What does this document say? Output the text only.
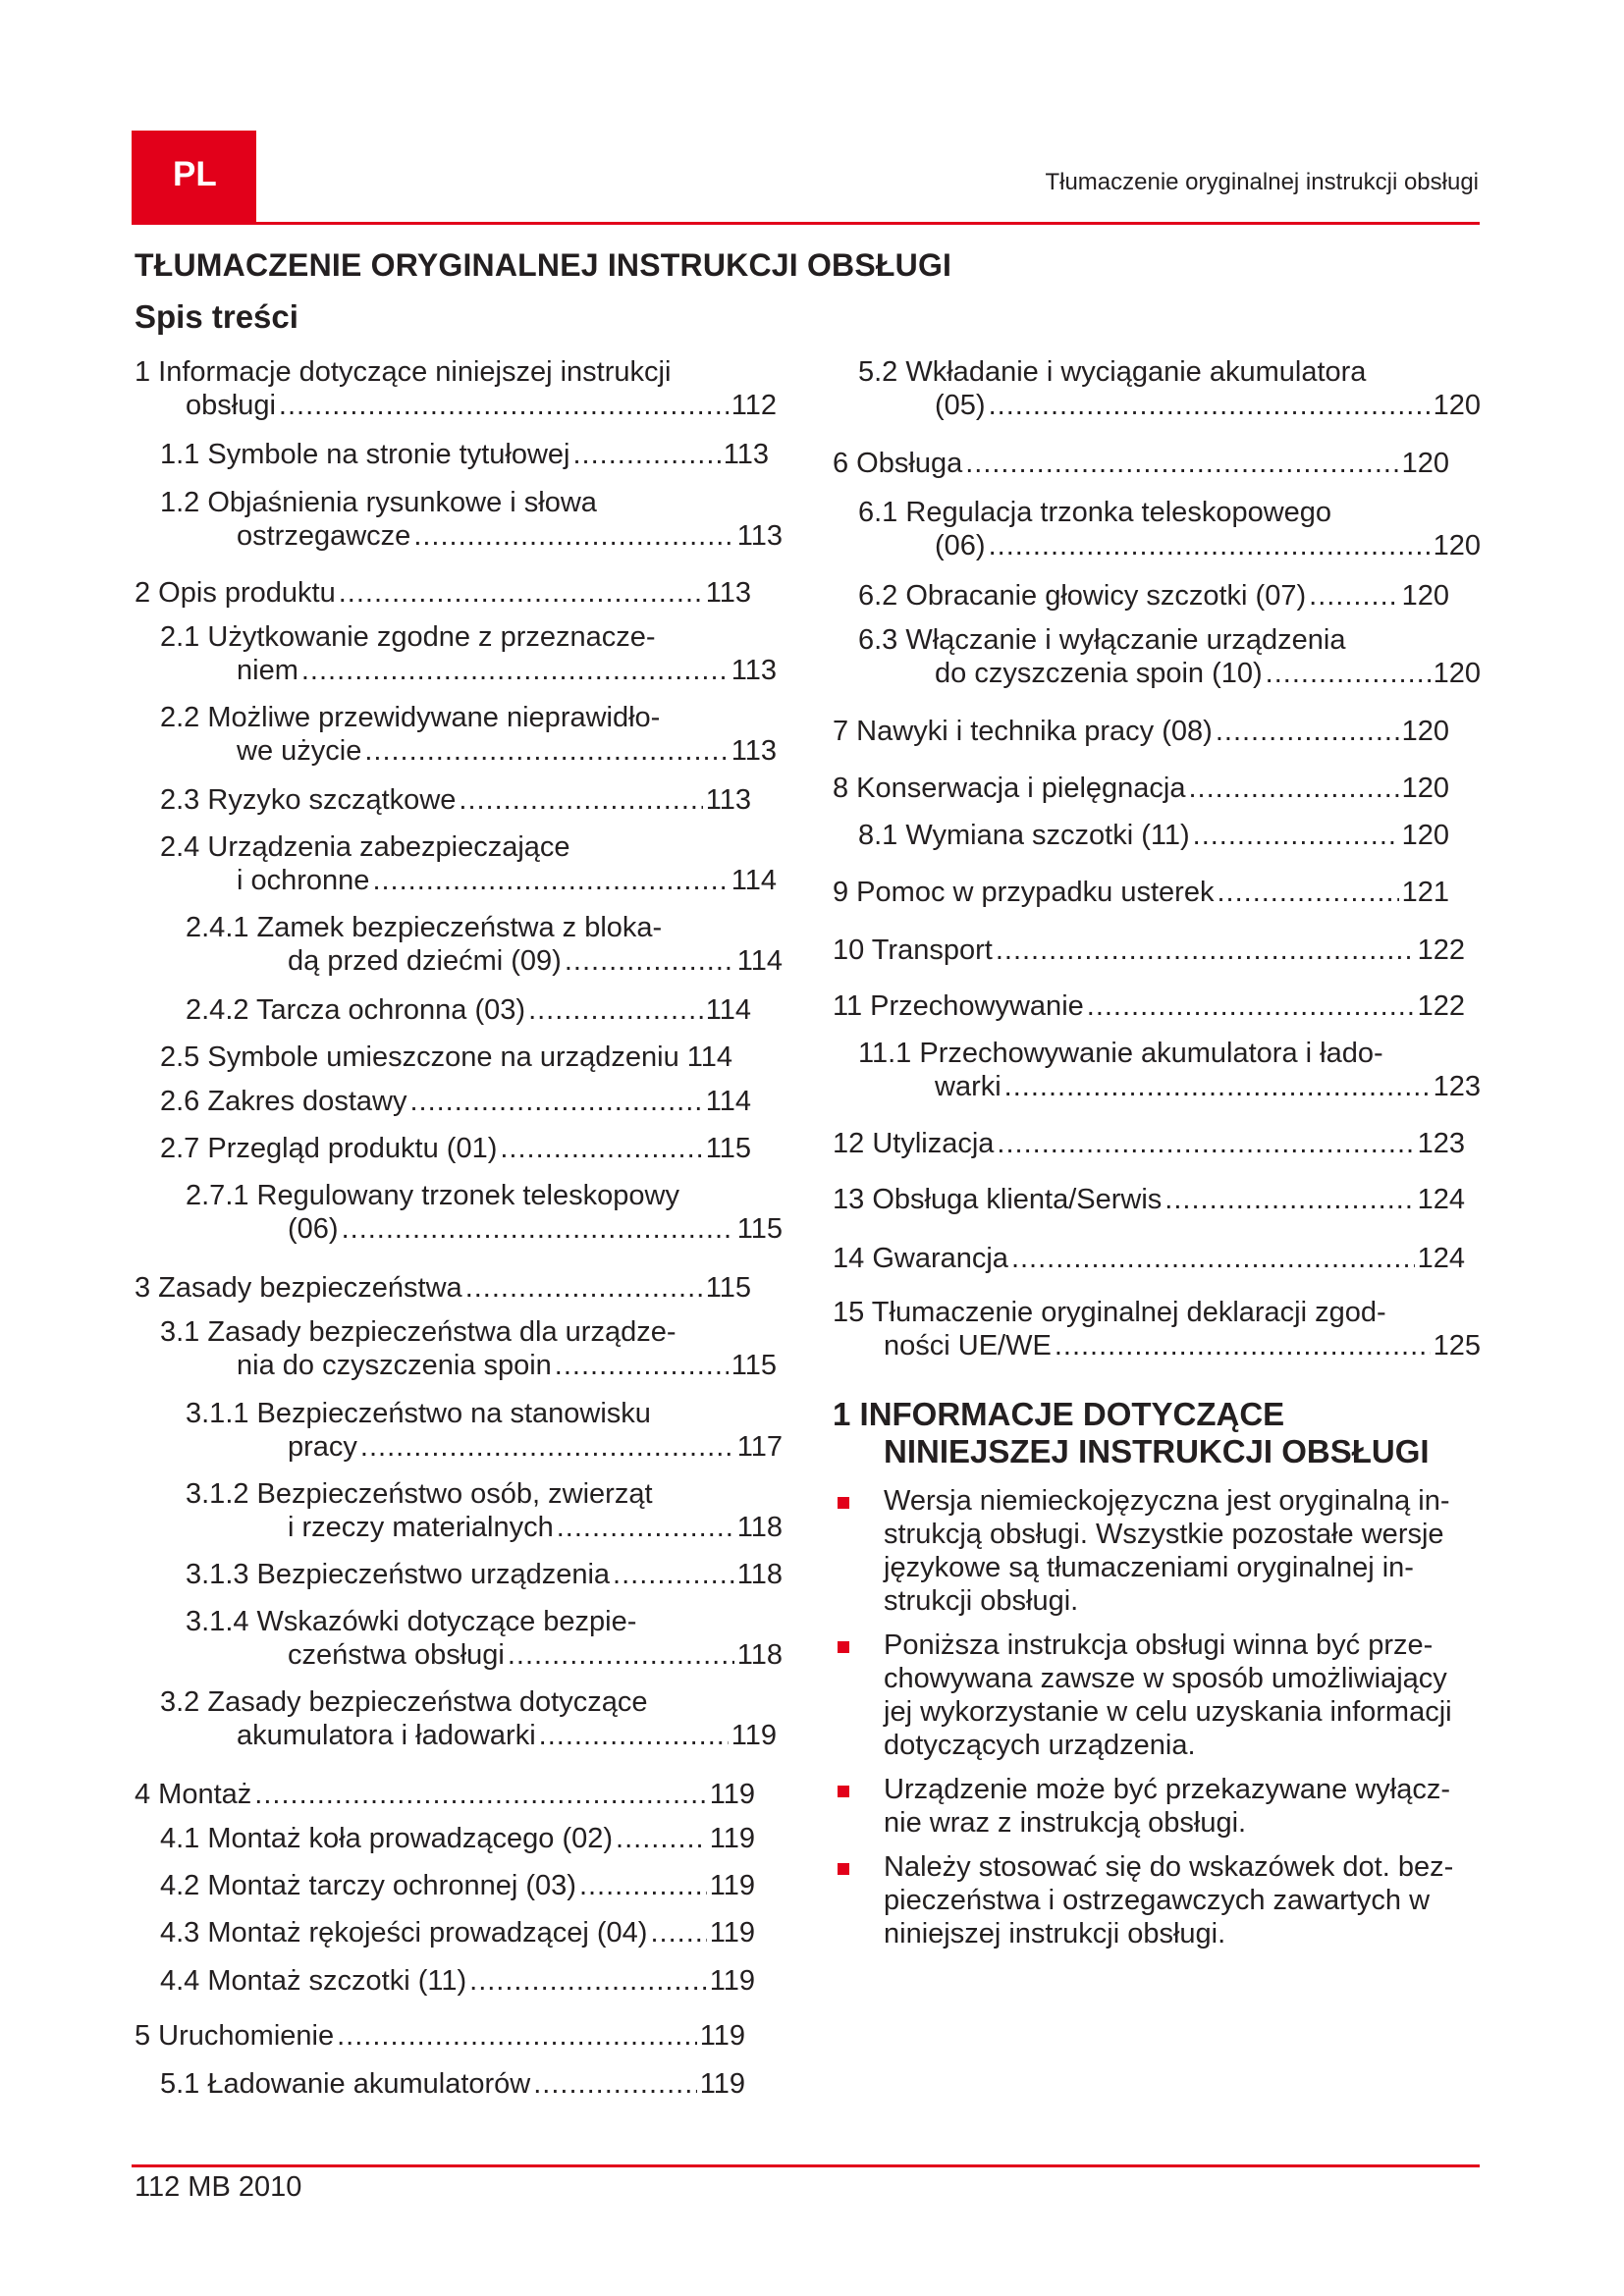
PL	Tłumaczenie oryginalnej instrukcji obsługi
TŁUMACZENIE ORYGINALNEJ INSTRUKCJI OBSŁUGI
Spis treści
1 Informacje dotyczące niniejszej instrukcji
obsługi .....	112
1.1 Symbole na stronie tytułowej .....	113
1.2 Objaśnienia rysunkowe i słowa
ostrzegawcze .....	113
2 Opis produktu .....	113
2.1 Użytkowanie zgodne z przeznacze-
niem .....	113
2.2 Możliwe przewidywane nieprawidło-
we użycie .....	113
2.3 Ryzyko szczątkowe .....	113
2.4 Urządzenia zabezpieczające
i ochronne .....	114
2.4.1 Zamek bezpieczeństwa z bloka-
dą przed dziećmi (09) .....	114
2.4.2 Tarcza ochronna (03) .....	114
2.5 Symbole umieszczone na urządzeniu 114
2.6 Zakres dostawy .....	114
2.7 Przegląd produktu (01) .....	115
2.7.1 Regulowany trzonek teleskopowy
(06) .....	115
3 Zasady bezpieczeństwa .....	115
3.1 Zasady bezpieczeństwa dla urządze-
nia do czyszczenia spoin .....	115
3.1.1 Bezpieczeństwo na stanowisku
pracy .....	117
3.1.2 Bezpieczeństwo osób, zwierząt
i rzeczy materialnych .....	118
3.1.3 Bezpieczeństwo urządzenia .....	118
3.1.4 Wskazówki dotyczące bezpie-
czeństwa obsługi .....	118
3.2 Zasady bezpieczeństwa dotyczące
akumulatora i ładowarki .....	119
4 Montaż .....	119
4.1 Montaż koła prowadzącego (02) .....	119
4.2 Montaż tarczy ochronnej (03) .....	119
4.3 Montaż rękojeści prowadzącej (04) ..... 119
4.4 Montaż szczotki (11) .....	119
5 Uruchomienie .....	119
5.1 Ładowanie akumulatorów .....	119
5.2 Wkładanie i wyciąganie akumulatora
(05) .....	120
6 Obsługa .....	120
6.1 Regulacja trzonka teleskopowego
(06) .....	120
6.2 Obracanie głowicy szczotki (07) .....	120
6.3 Włączanie i wyłączanie urządzenia
do czyszczenia spoin (10) .....	120
7 Nawyki i technika pracy (08) .....	120
8 Konserwacja i pielęgnacja .....	120
8.1 Wymiana szczotki (11) .....	120
9 Pomoc w przypadku usterek .....	121
10 Transport .....	122
11 Przechowywanie .....	122
11.1 Przechowywanie akumulatora i łado-
warki .....	123
12 Utylizacja .....	123
13 Obsługa klienta/Serwis .....	124
14 Gwarancja .....	124
15 Tłumaczenie oryginalnej deklaracji zgod-
ności UE/WE .....	125
1 INFORMACJE DOTYCZĄCE
NINIEJSZEJ INSTRUKCJI OBSŁUGI
Wersja niemieckojęzyczna jest oryginalną in- strukcją obsługi. Wszystkie pozostałe wersje językowe są tłumaczeniami oryginalnej in- strukcji obsługi.
Poniższa instrukcja obsługi winna być prze- chowywana zawsze w sposób umożliwiający jej wykorzystanie w celu uzyskania informacji dotyczących urządzenia.
Urządzenie może być przekazywane wyłącz- nie wraz z instrukcją obsługi.
Należy stosować się do wskazówek dot. bez- pieczeństwa i ostrzegawczych zawartych w niniejszej instrukcji obsługi.
112 MB 2010
